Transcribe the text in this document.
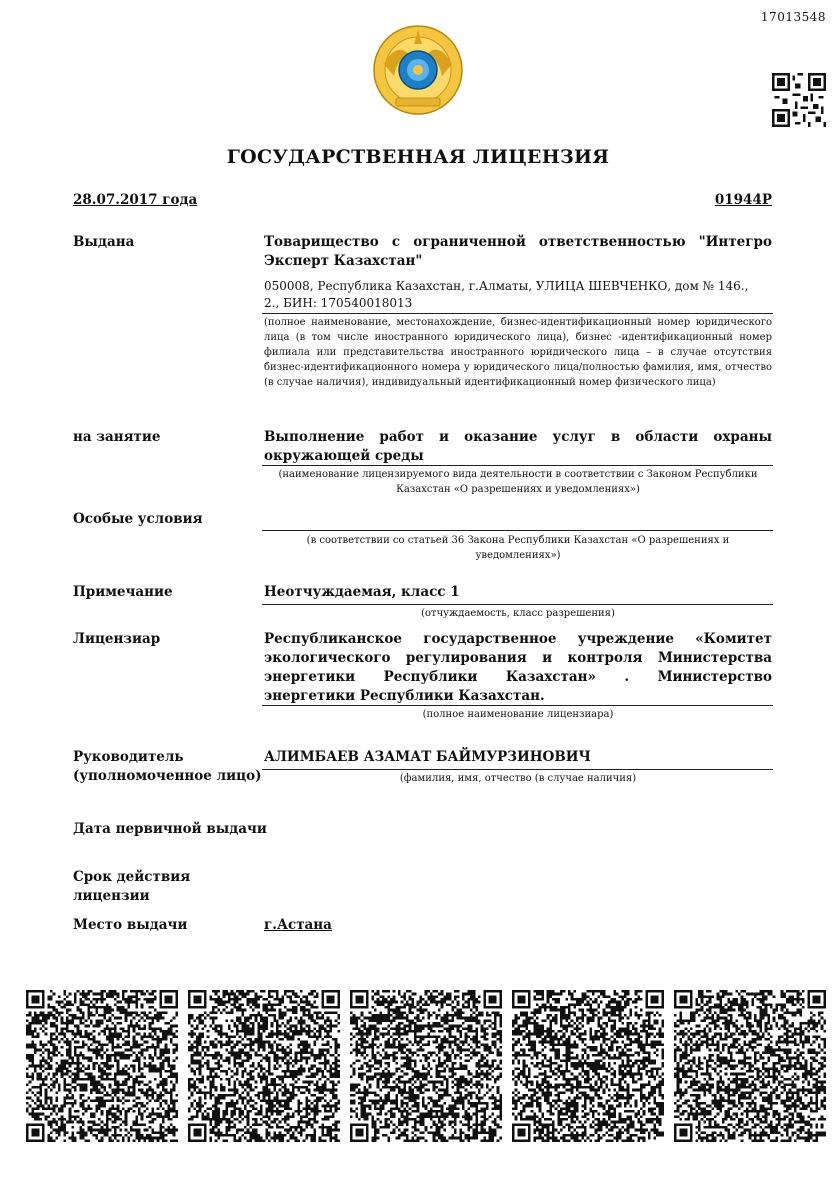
17013548
ГОСУДАРСТВЕННАЯ ЛИЦЕНЗИЯ
28.07.2017 года	01944Р
Выдана	Товарищество с ограниченной ответственностью "Интегро Эксперт Казахстан"
050008, Республика Казахстан, г.Алматы, УЛИЦА ШЕВЧЕНКО, дом № 146.,
2., БИН: 170540018013
(полное наименование, местонахождение, бизнес-идентификационный номер юридического лица (в том числе иностранного юридического лица), бизнес -идентификационный номер филиала или представительства иностранного юридического лица – в случае отсутствия бизнес-идентификационного номера у юридического лица/полностью фамилия, имя, отчество (в случае наличия), индивидуальный идентификационный номер физического лица)
на занятие	Выполнение работ и оказание услуг в области охраны окружающей среды
(наименование лицензируемого вида деятельности в соответствии с Законом Республики Казахстан «О разрешениях и уведомлениях»)
Особые условия
(в соответствии со статьей 36 Закона Республики Казахстан «О разрешениях и уведомлениях»)
Примечание	Неотчуждаемая, класс 1
(отчуждаемость, класс разрешения)
Лицензиар	Республиканское государственное учреждение «Комитет экологического регулирования и контроля Министерства энергетики Республики Казахстан» . Министерство энергетики Республики Казахстан.
(полное наименование лицензиара)
Руководитель
(уполномоченное лицо)
АЛИМБАЕВ АЗАМАТ БАЙМУРЗИНОВИЧ
(фамилия, имя, отчество (в случае наличия)
Дата первичной выдачи
Срок действия
лицензии
Место выдачи	г.Астана
